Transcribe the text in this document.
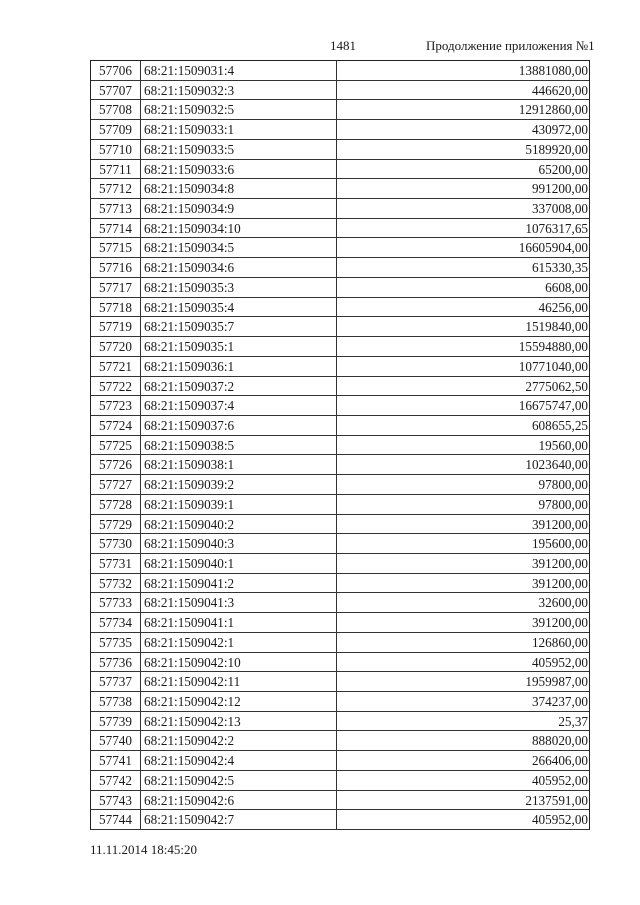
1481	Продолжение приложения №1
57706 68:21:1509031:4	13881080,00
57707 68:21:1509032:3	446620,00
57708 68:21:1509032:5	12912860,00
57709 68:21:1509033:1	430972,00
57710 68:21:1509033:5	5189920,00
57711 68:21:1509033:6	65200,00
57712 68:21:1509034:8	991200,00
57713 68:21:1509034:9	337008,00
57714 68:21:1509034:10	1076317,65
57715 68:21:1509034:5	16605904,00
57716 68:21:1509034:6	615330,35
57717 68:21:1509035:3	6608,00
57718 68:21:1509035:4	46256,00
57719 68:21:1509035:7	1519840,00
57720 68:21:1509035:1	15594880,00
57721 68:21:1509036:1	10771040,00
57722 68:21:1509037:2	2775062,50
57723 68:21:1509037:4	16675747,00
57724 68:21:1509037:6	608655,25
57725 68:21:1509038:5	19560,00
57726 68:21:1509038:1	1023640,00
57727 68:21:1509039:2	97800,00
57728 68:21:1509039:1	97800,00
57729 68:21:1509040:2	391200,00
57730 68:21:1509040:3	195600,00
57731 68:21:1509040:1	391200,00
57732 68:21:1509041:2	391200,00
57733 68:21:1509041:3	32600,00
57734 68:21:1509041:1	391200,00
57735 68:21:1509042:1	126860,00
57736 68:21:1509042:10	405952,00
57737 68:21:1509042:11	1959987,00
57738 68:21:1509042:12	374237,00
57739 68:21:1509042:13	25,37
57740 68:21:1509042:2	888020,00
57741 68:21:1509042:4	266406,00
57742 68:21:1509042:5	405952,00
57743 68:21:1509042:6	2137591,00
57744 68:21:1509042:7	405952,00
11.11.2014 18:45:20
